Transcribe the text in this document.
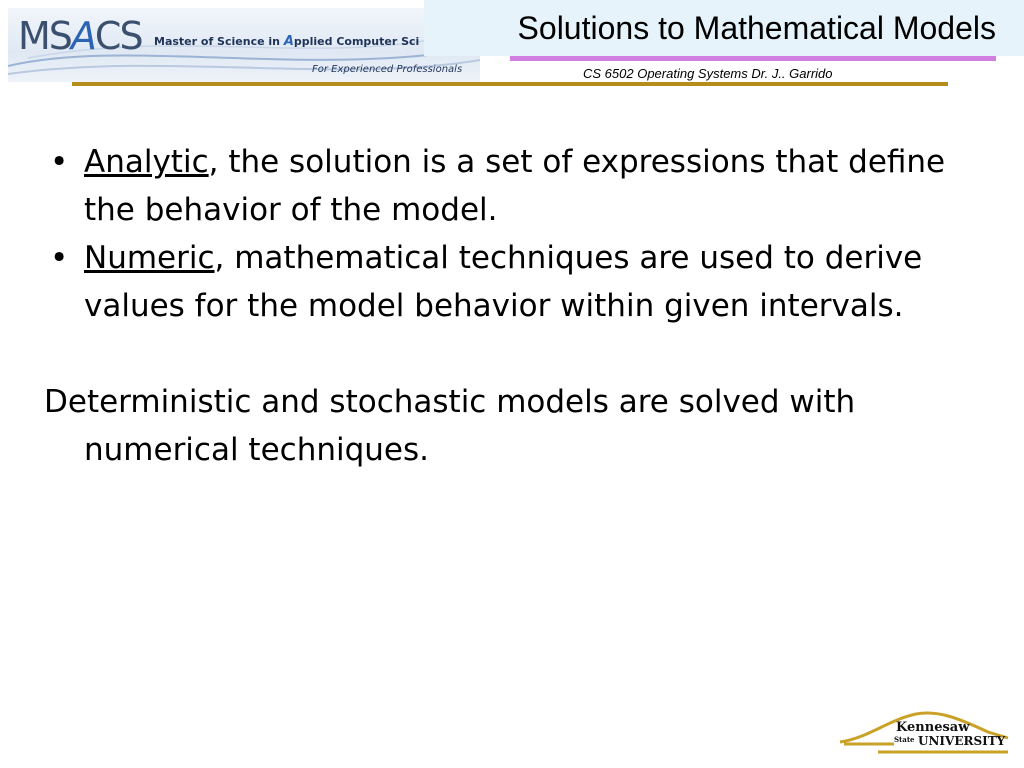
MSACS Master of Science in Applied Computer Sci
For Experienced Professionals
Solutions to Mathematical Models
CS 6502 Operating Systems Dr. J.. Garrido
• Analytic, the solution is a set of expressions that define the behavior of the model.
• Numeric, mathematical techniques are used to derive values for the model behavior within given intervals.
Deterministic and stochastic models are solved with numerical techniques.
Kennesaw
State UNIVERSITY
